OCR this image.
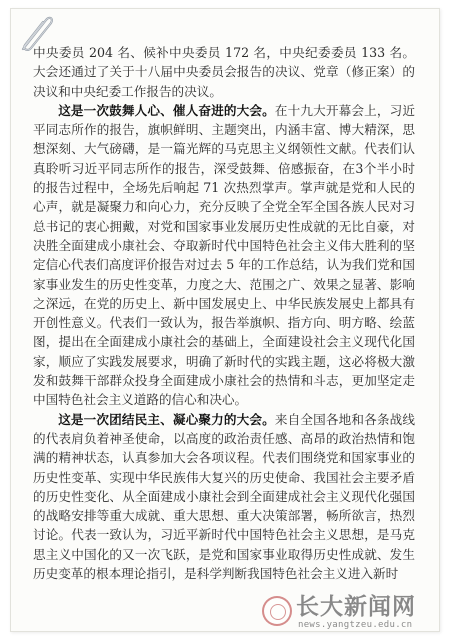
中央委员 204 名、候补中央委员 172 名，中央纪委委员 133 名。大会还通过了关于十八届中央委员会报告的决议、党章（修正案）的决议和中央纪委工作报告的决议。

这是一次鼓舞人心、催人奋进的大会。在十九大开幕会上，习近平同志所作的报告，旗帜鲜明、主题突出，内涵丰富、博大精深，思想深刻、大气磅礴，是一篇光辉的马克思主义纲领性文献。代表们认真聆听习近平同志所作的报告，深受鼓舞、倍感振奋，在3个半小时的报告过程中，全场先后响起 71 次热烈掌声。掌声就是党和人民的心声，就是凝聚力和向心力，充分反映了全党全军全国各族人民对习总书记的衷心拥戴，对党和国家事业发展历史性成就的无比自豪，对决胜全面建成小康社会、夺取新时代中国特色社会主义伟大胜利的坚定信心代表们高度评价报告对过去 5 年的工作总结，认为我们党和国家事业发生的历史性变革，力度之大、范围之广、效果之显著、影响之深远，在党的历史上、新中国发展史上、中华民族发展史上都具有开创性意义。代表们一致认为，报告举旗帜、指方向、明方略、绘蓝图，提出在全面建成小康社会的基础上，全面建设社会主义现代化国家，顺应了实践发展要求，明确了新时代的实践主题，这必将极大激发和鼓舞干部群众投身全面建成小康社会的热情和斗志，更加坚定走中国特色社会主义道路的信心和决心。

这是一次团结民主、凝心聚力的大会。来自全国各地和各条战线的代表肩负着神圣使命，以高度的政治责任感、高昂的政治热情和饱满的精神状态，认真参加大会各项议程。代表们围绕党和国家事业的历史性变革、实现中华民族伟大复兴的历史使命、我国社会主要矛盾的历史性变化、从全面建成小康社会到全面建成社会主义现代化强国的战略安排等重大成就、重大思想、重大决策部署，畅所欲言，热烈讨论。代表一致认为，习近平新时代中国特色社会主义思想，是马克思主义中国化的又一次飞跃，是党和国家事业取得历史性成就、发生历史变革的根本理论指引，是科学判断我国特色社会主义进入新时

长大新闻网
news.yangtzeu.edu.cn
